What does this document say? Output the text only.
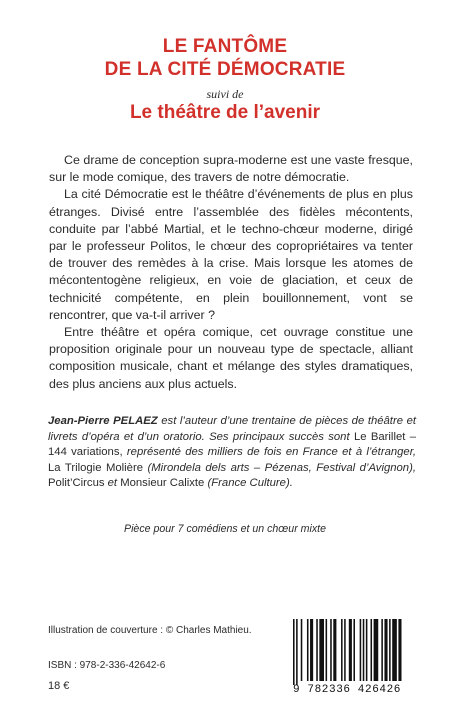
LE FANTÔME
DE LA CITÉ DÉMOCRATIE
suivi de
Le théâtre de l’avenir

Ce drame de conception supra-moderne est une vaste fresque, sur le mode comique, des travers de notre démocratie.

La cité Démocratie est le théâtre d’événements de plus en plus étranges. Divisé entre l’assemblée des fidèles mécontents, conduite par l’abbé Martial, et le techno-chœur moderne, dirigé par le professeur Politos, le chœur des copropriétaires va tenter de trouver des remèdes à la crise. Mais lorsque les atomes de mécontentogène religieux, en voie de glaciation, et ceux de technicité compétente, en plein bouillonnement, vont se rencontrer, que va-t-il arriver ?

Entre théâtre et opéra comique, cet ouvrage constitue une proposition originale pour un nouveau type de spectacle, alliant composition musicale, chant et mélange des styles dramatiques, des plus anciens aux plus actuels.

Jean-Pierre PELAEZ est l’auteur d’une trentaine de pièces de théâtre et livrets d’opéra et d’un oratorio. Ses principaux succès sont Le Barillet – 144 variations, représenté des milliers de fois en France et à l’étranger, La Trilogie Molière (Mirondela dels arts – Pézenas, Festival d’Avignon), Polit’Circus et Monsieur Calixte (France Culture).
Pièce pour 7 comédiens et un chœur mixte
Illustration de couverture : © Charles Mathieu.
ISBN : 978-2-336-42642-6
18 €	9 782336 426426
